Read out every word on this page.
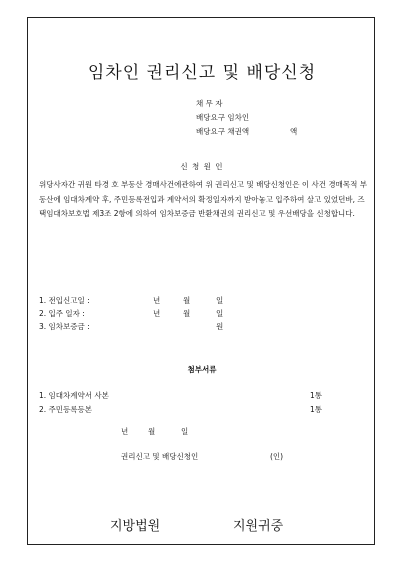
임차인 권리신고 및 배당신청
채 무 자
배당요구 임차인
배당요구 채권액	액
신 청 원 인
위당사자간 귀원 타경 호 부동산 경매사건에관하여 위 권리신고 및 배당신청인은 이 사건 경매목적 부동산에 임대차계약 후, 주민등록전입과 계약서의 확정일자까지 받아놓고 입주하여 살고 있었던바, 즈택임대차보호법 제3조 2항에 의하여 임차보증금 반환채권의 권리신고 및 우선배당을 신청합니다.
1. 전입신고일 :	년	월	일
2. 입주 일자 :	년	월	일
3. 임차보증금 :	원
첨부서류
1. 임대차계약서 사본	1통
2. 주민등록등본	1통
년	월	일
권리신고 및 배당신청인	(인)
지방법원	지원귀중
